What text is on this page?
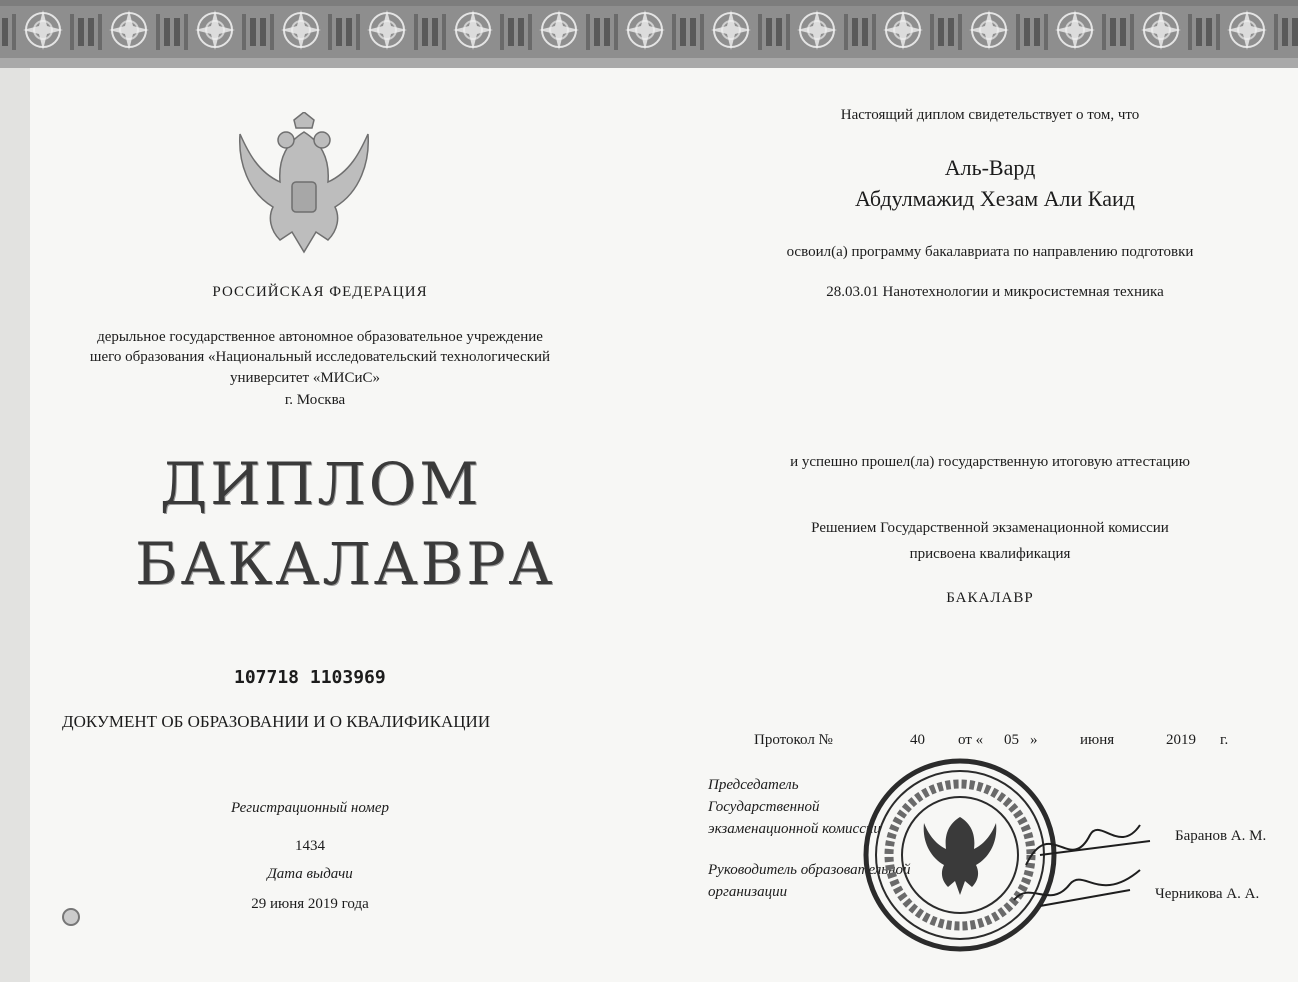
РОССИЙСКАЯ ФЕДЕРАЦИЯ
дерыльное государственное автономное образовательное учреждение
шего образования «Национальный исследовательский технологический
университет «МИСиС»
г. Москва
ДИПЛОМ
БАКАЛАВРА
107718 1103969
ДОКУМЕНТ ОБ ОБРАЗОВАНИИ И О КВАЛИФИКАЦИИ
Регистрационный номер
1434
Дата выдачи
29 июня 2019 года
Настоящий диплом свидетельствует о том, что
Аль-Вард
Абдулмажид Хезам Али Каид
освоил(а) программу бакалавриата по направлению подготовки
28.03.01 Нанотехнологии и микросистемная техника
и успешно прошел(ла) государственную итоговую аттестацию
Решением Государственной экзаменационной комиссии
присвоена квалификация
БАКАЛАВР
Протокол №	40 от « 05 »	июня	2019 г.
Председатель
Государственной
экзаменационной комиссии	Баранов А. М.
Руководитель образовательной
организации	Черникова А. А.
